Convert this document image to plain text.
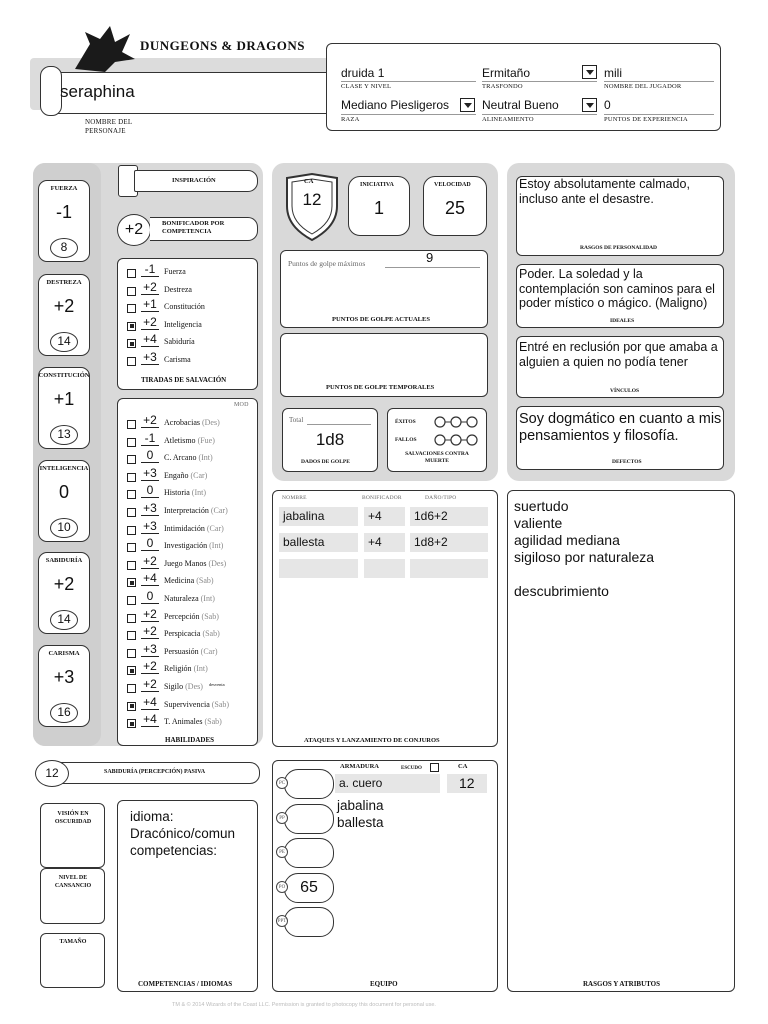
DUNGEONS & DRAGONS
seraphina
NOMBRE DEL PERSONAJE
druida 1
CLASE Y NIVEL
Ermitaño
TRASFONDO
mili
NOMBRE DEL JUGADOR
Mediano Piesligeros
RAZA
Neutral Bueno
ALINEAMIENTO
0
PUNTOS DE EXPERIENCIA
FUERZA
-1
8
DESTREZA
+2
14
CONSTITUCIÓN
+1
13
INTELIGENCIA
0
10
SABIDURÍA
+2
14
CARISMA
+3
16
INSPIRACIÓN
+2	BONIFICADOR POR COMPETENCIA
-1	Fuerza
+2 Destreza
+1 Constitución
+2 Inteligencia
+4 Sabiduría
+3 Carisma
TIRADAS DE SALVACIÓN
MOD
+2 Acrobacias (Des)
-1	Atletismo (Fue)
0	C. Arcano (Int)
+3 Engaño (Car)
0	Historia (Int)
+3 Interpretación (Car)
+3 Intimidación (Car)
0	Investigación (Int)
+2 Juego Manos (Des)
+4 Medicina (Sab)
0	Naturaleza (Int)
+2 Percepción (Sab)
+2 Perspicacia (Sab)
+3 Persuasión (Car)
+2 Religión (Int)
+2 Sigilo (Des) $^{desventa}$
+4 Supervivencia (Sab)
+4 T. Animales (Sab)
HABILIDADES
12	SABIDURÍA (PERCEPCIÓN) PASIVA
VISIÓN EN OSCURIDAD
NIVEL DE CANSANCIO
TAMAÑO
idioma:
Dracónico/comun
competencias:
COMPETENCIAS / IDIOMAS
CA
12
INICIATIVA
1
VELOCIDAD
25
Puntos de golpe máximos	9
PUNTOS DE GOLPE ACTUALES
PUNTOS DE GOLPE TEMPORALES
Total
1d8
DADOS DE GOLPE
ÉXITOS
FALLOS
SALVACIONES CONTRA MUERTE
NOMBRE	BONIFICADOR	DAÑO/TIPO
jabalina	+4	1d6+2
ballesta	+4	1d8+2
ATAQUES Y LANZAMIENTO DE CONJUROS
ARMADURA	ESCUDO	CA
a. cuero	12
jabalina
ballesta
PC
PP
PE
65
PO
PPT
EQUIPO
Estoy absolutamente calmado, incluso ante el desastre.
RASGOS DE PERSONALIDAD
Poder. La soledad y la contemplación son caminos para el poder místico o mágico. (Maligno)
IDEALES
Entré en reclusión por que amaba a alguien a quien no podía tener
VÍNCULOS
Soy dogmático en cuanto a mis pensamientos y filosofía.
DEFECTOS
suertudo
valiente
agilidad mediana
sigiloso por naturaleza
descubrimiento
RASGOS Y ATRIBUTOS
TM & © 2014 Wizards of the Coast LLC. Permission is granted to photocopy this document for personal use.
